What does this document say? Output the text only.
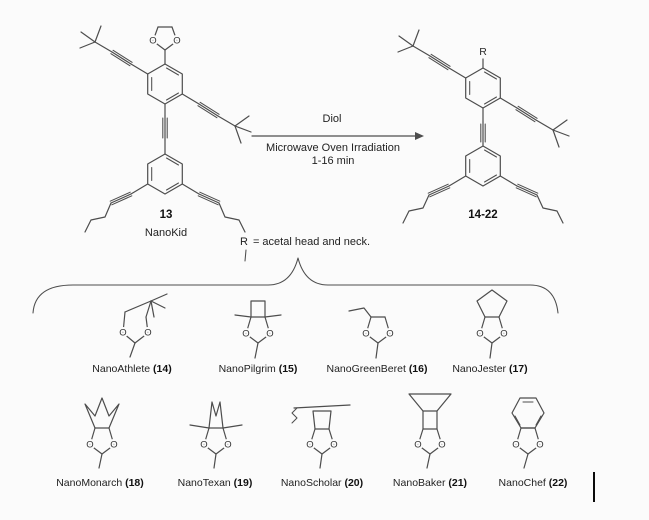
O O
13
NanoKid
Diol
Microwave Oven Irradiation
1-16 min
R
14-22
R = acetal head and neck.
O O	O O	O O	O O
NanoAthlete (14)	NanoPilgrim (15)	NanoGreenBeret (16) NanoJester (17)
O O	O O	O O	O O	O O
NanoMonarch (18)	NanoTexan (19)	NanoScholar (20)	NanoBaker (21)	NanoChef (22)
